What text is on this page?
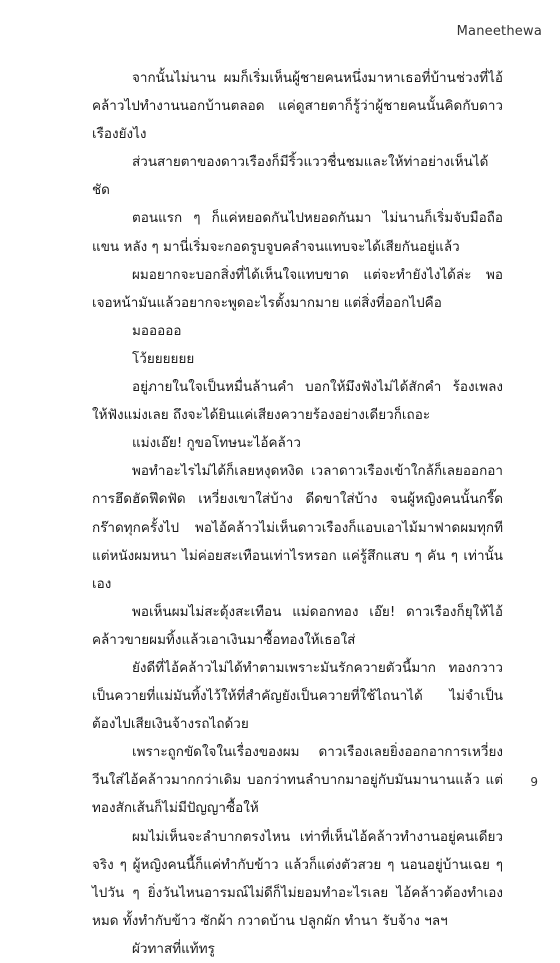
Maneethewa

จากนั้นไม่นาน ผมก็เริ่มเห็นผู้ชายคนหนึ่งมาหาเธอที่บ้านช่วงที่ไอ้คล้าวไปทำงานนอกบ้านตลอด แค่ดูสายตาก็รู้ว่าผู้ชายคนนั้นคิดกับดาวเรืองยังไง

ส่วนสายตาของดาวเรืองก็มีริ้วแววชื่นชมและให้ท่าอย่างเห็นได้ชัด

ตอนแรก ๆ ก็แค่หยอดกันไปหยอดกันมา ไม่นานก็เริ่มจับมือถือแขน หลัง ๆ มานี่เริ่มจะกอดรูบจูบคลำจนแทบจะได้เสียกันอยู่แล้ว

ผมอยากจะบอกสิ่งที่ได้เห็นใจแทบขาด แต่จะทำยังไงได้ล่ะ พอเจอหน้ามันแล้วอยากจะพูดอะไรตั้งมากมาย แต่สิ่งที่ออกไปคือ

มอออออ

โว้ยยยยยย

อยู่ภายในใจเป็นหมื่นล้านคำ บอกให้มึงฟังไม่ได้สักคำ ร้องเพลงให้ฟังแม่งเลย ถึงจะได้ยินแค่เสียงควายร้องอย่างเดียวก็เถอะ

แม่งเอ๊ย! กูขอโทษนะไอ้คล้าว

พอทำอะไรไม่ได้ก็เลยหงุดหงิด เวลาดาวเรืองเข้าใกล้ก็เลยออกอาการฮึดฮัดฟึดฟัด เหวี่ยงเขาใส่บ้าง ดีดขาใส่บ้าง จนผู้หญิงคนนั้นกรี๊ดกร๊าดทุกครั้งไป พอไอ้คล้าวไม่เห็นดาวเรืองก็แอบเอาไม้มาฟาดผมทุกที แต่หนังผมหนา ไม่ค่อยสะเทือนเท่าไรหรอก แค่รู้สึกแสบ ๆ คัน ๆ เท่านั้นเอง

พอเห็นผมไม่สะดุ้งสะเทือน แม่ดอกทอง เอ๊ย! ดาวเรืองก็ยุให้ไอ้คล้าวขายผมทิ้งแล้วเอาเงินมาซื้อทองให้เธอใส่

ยังดีที่ไอ้คล้าวไม่ได้ทำตามเพราะมันรักควายตัวนี้มาก ทองกวาวเป็นควายที่แม่มันทิ้งไว้ให้ที่สำคัญยังเป็นควายที่ใช้ไถนาได้ ไม่จำเป็นต้องไปเสียเงินจ้างรถไถด้วย

เพราะถูกขัดใจในเรื่องของผม ดาวเรืองเลยยิ่งออกอาการเหวี่ยงวีนใส่ไอ้คล้าวมากกว่าเดิม บอกว่าทนลำบากมาอยู่กับมันมานานแล้ว แต่ทองสักเส้นก็ไม่มีปัญญาซื้อให้

ผมไม่เห็นจะลำบากตรงไหน เท่าที่เห็นไอ้คล้าวทำงานอยู่คนเดียวจริง ๆ ผู้หญิงคนนี้ก็แค่ทำกับข้าว แล้วก็แต่งตัวสวย ๆ นอนอยู่บ้านเฉย ๆ ไปวัน ๆ ยิ่งวันไหนอารมณ์ไม่ดีก็ไม่ยอมทำอะไรเลย ไอ้คล้าวต้องทำเองหมด ทั้งทำกับข้าว ซักผ้า กวาดบ้าน ปลูกผัก ทำนา รับจ้าง ฯลฯ

ผัวทาสที่แท้ทรู

9
